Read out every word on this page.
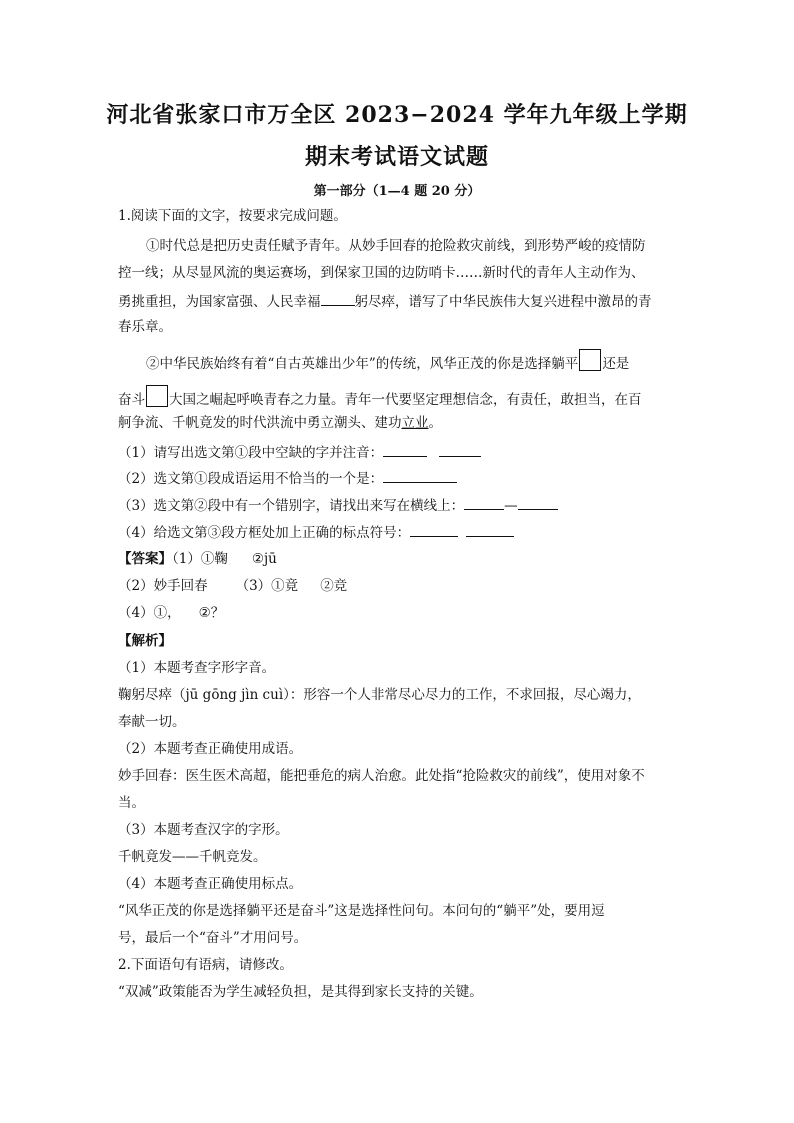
河北省张家口市万全区 2023−2024 学年九年级上学期
期末考试语文试题
第一部分（1—4 题 20 分）
1.阅读下面的文字，按要求完成问题。
①时代总是把历史责任赋予青年。从妙手回春的抢险救灾前线，到形势严峻的疫情防
控一线；从尽显风流的奥运赛场，到保家卫国的边防哨卡……新时代的青年人主动作为、
勇挑重担，为国家富强、人民幸福	躬尽瘁，谱写了中华民族伟大复兴进程中激昂的青
春乐章。
②中华民族始终有着“自古英雄出少年”的传统，风华正茂的你是选择躺平 还是
奋斗 大国之崛起呼唤青春之力量。青年一代要坚定理想信念，有责任，敢担当，在百
舸争流、千帆竟发的时代洪流中勇立潮头、建功立业。
（1）请写出选文第①段中空缺的字并注音：
（2）选文第①段成语运用不恰当的一个是：
（3）选文第②段中有一个错别字，请找出来写在横线上：	—
（4）给选文第③段方框处加上正确的标点符号：
【答案】（1）①鞠 ②jū
（2）妙手回春 （3）①竟 ②竞
（4）①， ②？
【解析】
（1）本题考查字形字音。
鞠躬尽瘁（jū gōng jìn cuì）：形容一个人非常尽心尽力的工作，不求回报，尽心竭力，
奉献一切。
（2）本题考查正确使用成语。
妙手回春：医生医术高超，能把垂危的病人治愈。此处指“抢险救灾的前线”，使用对象不
当。
（3）本题考查汉字的字形。
千帆竟发——千帆竞发。
（4）本题考查正确使用标点。
“风华正茂的你是选择躺平还是奋斗”这是选择性问句。本问句的“躺平”处，要用逗
号，最后一个“奋斗”才用问号。
2.下面语句有语病，请修改。
“双减”政策能否为学生减轻负担，是其得到家长支持的关键。
